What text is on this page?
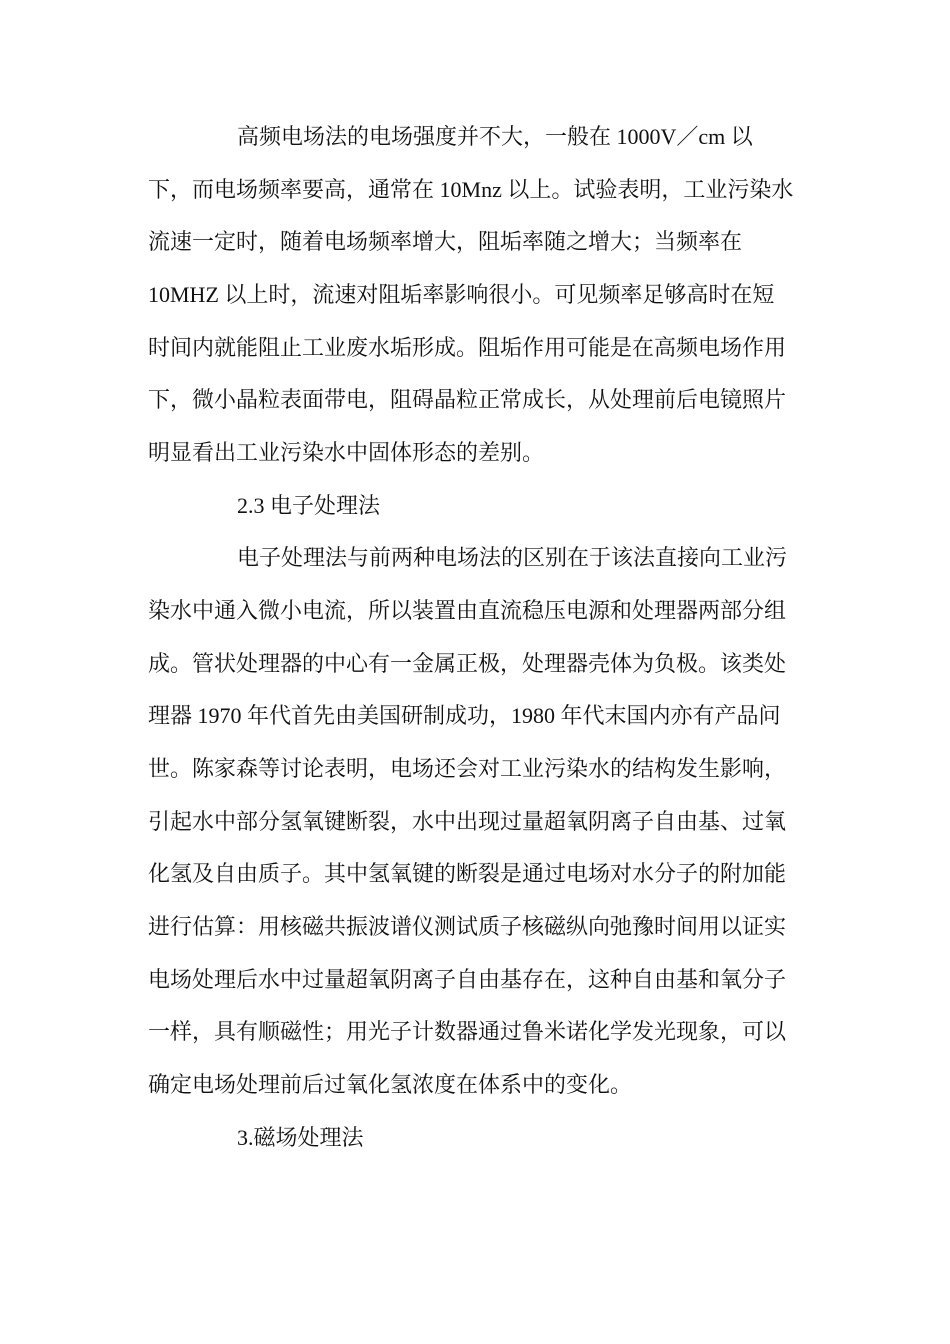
高频电场法的电场强度并不大，一般在 1000V／cm 以
下，而电场频率要高，通常在 10Mnz 以上。试验表明，工业污染水
流速一定时，随着电场频率增大，阻垢率随之增大；当频率在
10MHZ 以上时，流速对阻垢率影响很小。可见频率足够高时在短
时间内就能阻止工业废水垢形成。阻垢作用可能是在高频电场作用
下，微小晶粒表面带电，阻碍晶粒正常成长，从处理前后电镜照片
明显看出工业污染水中固体形态的差别。
2.3 电子处理法
电子处理法与前两种电场法的区别在于该法直接向工业污
染水中通入微小电流，所以装置由直流稳压电源和处理器两部分组
成。管状处理器的中心有一金属正极，处理器壳体为负极。该类处
理器 1970 年代首先由美国研制成功，1980 年代末国内亦有产品问
世。陈家森等讨论表明，电场还会对工业污染水的结构发生影响，
引起水中部分氢氧键断裂，水中出现过量超氧阴离子自由基、过氧
化氢及自由质子。其中氢氧键的断裂是通过电场对水分子的附加能
进行估算：用核磁共振波谱仪测试质子核磁纵向弛豫时间用以证实
电场处理后水中过量超氧阴离子自由基存在，这种自由基和氧分子
一样，具有顺磁性；用光子计数器通过鲁米诺化学发光现象，可以
确定电场处理前后过氧化氢浓度在体系中的变化。
3.磁场处理法
